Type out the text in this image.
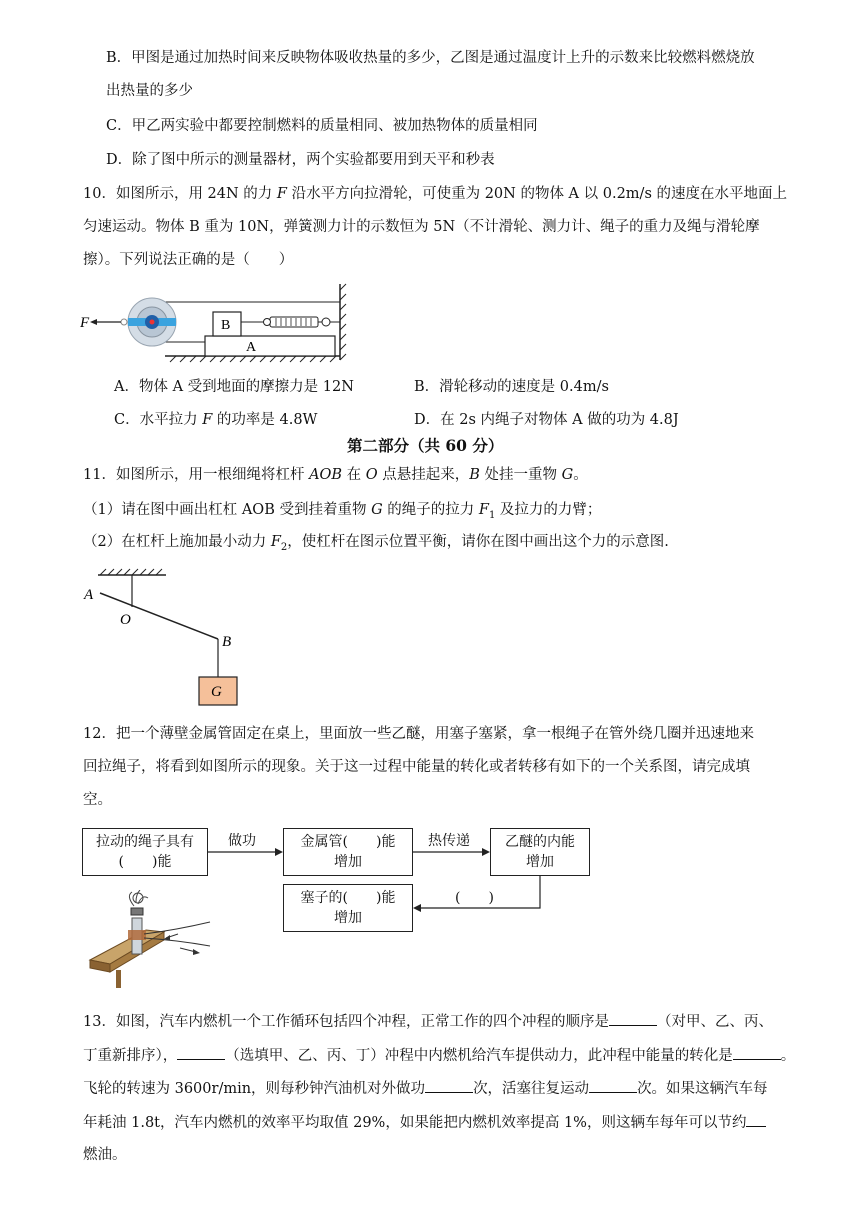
B．甲图是通过加热时间来反映物体吸收热量的多少，乙图是通过温度计上升的示数来比较燃料燃烧放
出热量的多少
C．甲乙两实验中都要控制燃料的质量相同、被加热物体的质量相同
D．除了图中所示的测量器材，两个实验都要用到天平和秒表
10．如图所示，用 24N 的力 F 沿水平方向拉滑轮，可使重为 20N 的物体 A 以 0.2m/s 的速度在水平地面上
匀速运动。物体 B 重为 10N，弹簧测力计的示数恒为 5N（不计滑轮、测力计、绳子的重力及绳与滑轮摩
擦）。下列说法正确的是（　　）
A
B
F
A．物体 A 受到地面的摩擦力是 12N	B．滑轮移动的速度是 0.4m/s
C．水平拉力 F 的功率是 4.8W	D．在 2s 内绳子对物体 A 做的功为 4.8J
第二部分（共 60 分）
11．如图所示，用一根细绳将杠杆 AOB 在 O 点悬挂起来，B 处挂一重物 G。
（1）请在图中画出杠杠 AOB 受到挂着重物 G 的绳子的拉力 $F_1$ 及拉力的力臂；
（2）在杠杆上施加最小动力 $F_2$，使杠杆在图示位置平衡，请你在图中画出这个力的示意图.
G
A
O
B
12．把一个薄壁金属管固定在桌上，里面放一些乙醚，用塞子塞紧，拿一根绳子在管外绕几圈并迅速地来
回拉绳子，将看到如图所示的现象。关于这一过程中能量的转化或者转移有如下的一个关系图，请完成填
空。
拉动的绳子具有
(　　)能
做功	金属管(　　)能
增加
热传递	乙醚的内能
增加
塞子的(　　)能
增加
(　　)
13．如图，汽车内燃机一个工作循环包括四个冲程，正常工作的四个冲程的顺序是	（对甲、乙、丙、
丁重新排序），	（选填甲、乙、丙、丁）冲程中内燃机给汽车提供动力，此冲程中能量的转化是	。
飞轮的转速为 3600r/min，则每秒钟汽油机对外做功	次，活塞往复运动	次。如果这辆汽车每
年耗油 1.8t，汽车内燃机的效率平均取值 29%，如果能把内燃机效率提高 1%，则这辆车每年可以节约
燃油。
